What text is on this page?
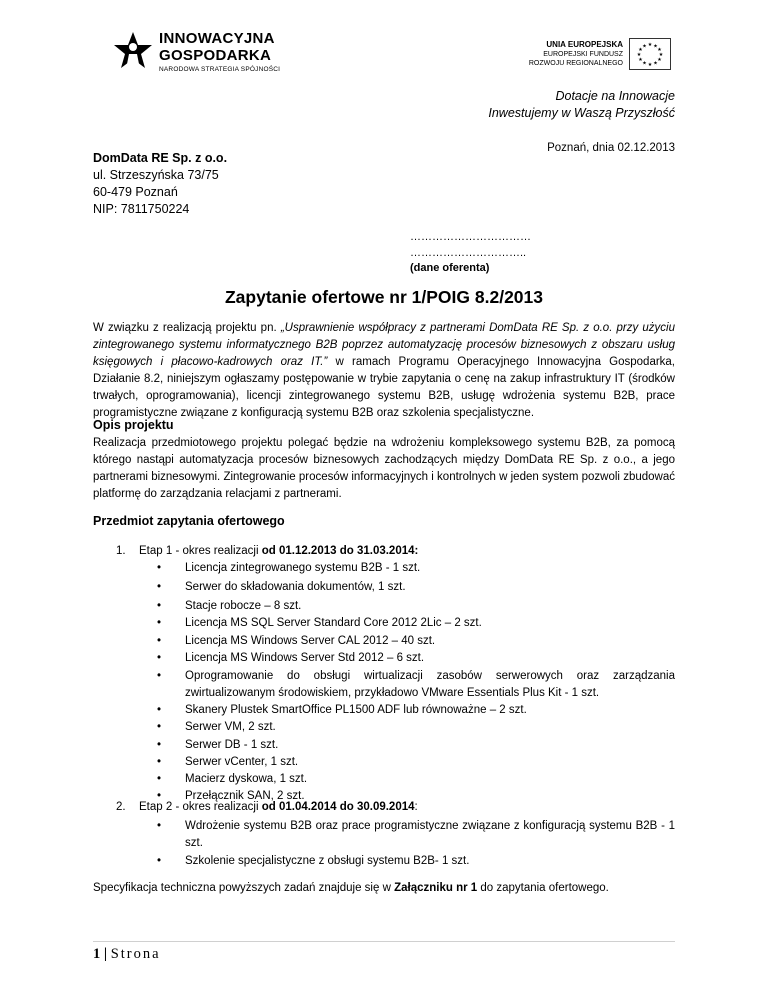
INNOWACYJNA
GOSPODARKA
NARODOWA STRATEGIA SPÓJNOŚCI
UNIA EUROPEJSKA
EUROPEJSKI FUNDUSZ
ROZWOJU REGIONALNEGO
★ ★
★
★
★
★
★
★
★
★
★
★
Dotacje na Innowacje
Inwestujemy w Waszą Przyszłość
Poznań, dnia 02.12.2013
DomData RE Sp. z o.o.
ul. Strzeszyńska 73/75
60-479 Poznań
NIP: 7811750224
……………………………
…………………………..
(dane oferenta)
Zapytanie ofertowe nr 1/POIG 8.2/2013
W związku z realizacją projektu pn. „Usprawnienie współpracy z partnerami DomData RE Sp. z o.o. przy użyciu zintegrowanego systemu informatycznego B2B poprzez automatyzację procesów biznesowych z obszaru usług księgowych i płacowo-kadrowych oraz IT.” w ramach Programu Operacyjnego Innowacyjna Gospodarka, Działanie 8.2, niniejszym ogłaszamy postępowanie w trybie zapytania o cenę na zakup infrastruktury IT (środków trwałych, oprogramowania), licencji zintegrowanego systemu B2B, usługę wdrożenia systemu B2B, prace programistyczne związane z konfiguracją systemu B2B oraz szkolenia specjalistyczne.
Opis projektu
Realizacja przedmiotowego projektu polegać będzie na wdrożeniu kompleksowego systemu B2B, za pomocą którego nastąpi automatyzacja procesów biznesowych zachodzących między DomData RE Sp. z o.o., a jego partnerami biznesowymi. Zintegrowanie procesów informacyjnych i kontrolnych w jeden system pozwoli zbudować platformę do zarządzania relacjami z partnerami.
Przedmiot zapytania ofertowego
1. Etap 1 - okres realizacji od 01.12.2013 do 31.03.2014:
• Licencja zintegrowanego systemu B2B - 1 szt.
• Serwer do składowania dokumentów, 1 szt.
• Stacje robocze – 8 szt.
• Licencja MS SQL Server Standard Core 2012 2Lic – 2 szt.
• Licencja MS Windows Server CAL 2012 – 40 szt.
• Licencja MS Windows Server Std 2012 – 6 szt.
• Oprogramowanie do obsługi wirtualizacji zasobów serwerowych oraz zarządzania zwirtualizowanym środowiskiem, przykładowo VMware Essentials Plus Kit - 1 szt.
• Skanery Plustek SmartOffice PL1500 ADF lub równoważne – 2 szt.
• Serwer VM, 2 szt.
• Serwer DB - 1 szt.
• Serwer vCenter, 1 szt.
• Macierz dyskowa, 1 szt.
• Przełącznik SAN, 2 szt.
2. Etap 2 - okres realizacji od 01.04.2014 do 30.09.2014:
• Wdrożenie systemu B2B oraz prace programistyczne związane z konfiguracją systemu B2B - 1 szt.
• Szkolenie specjalistyczne z obsługi systemu B2B- 1 szt.
Specyfikacja techniczna powyższych zadań znajduje się w Załączniku nr 1 do zapytania ofertowego.
1 | Strona
